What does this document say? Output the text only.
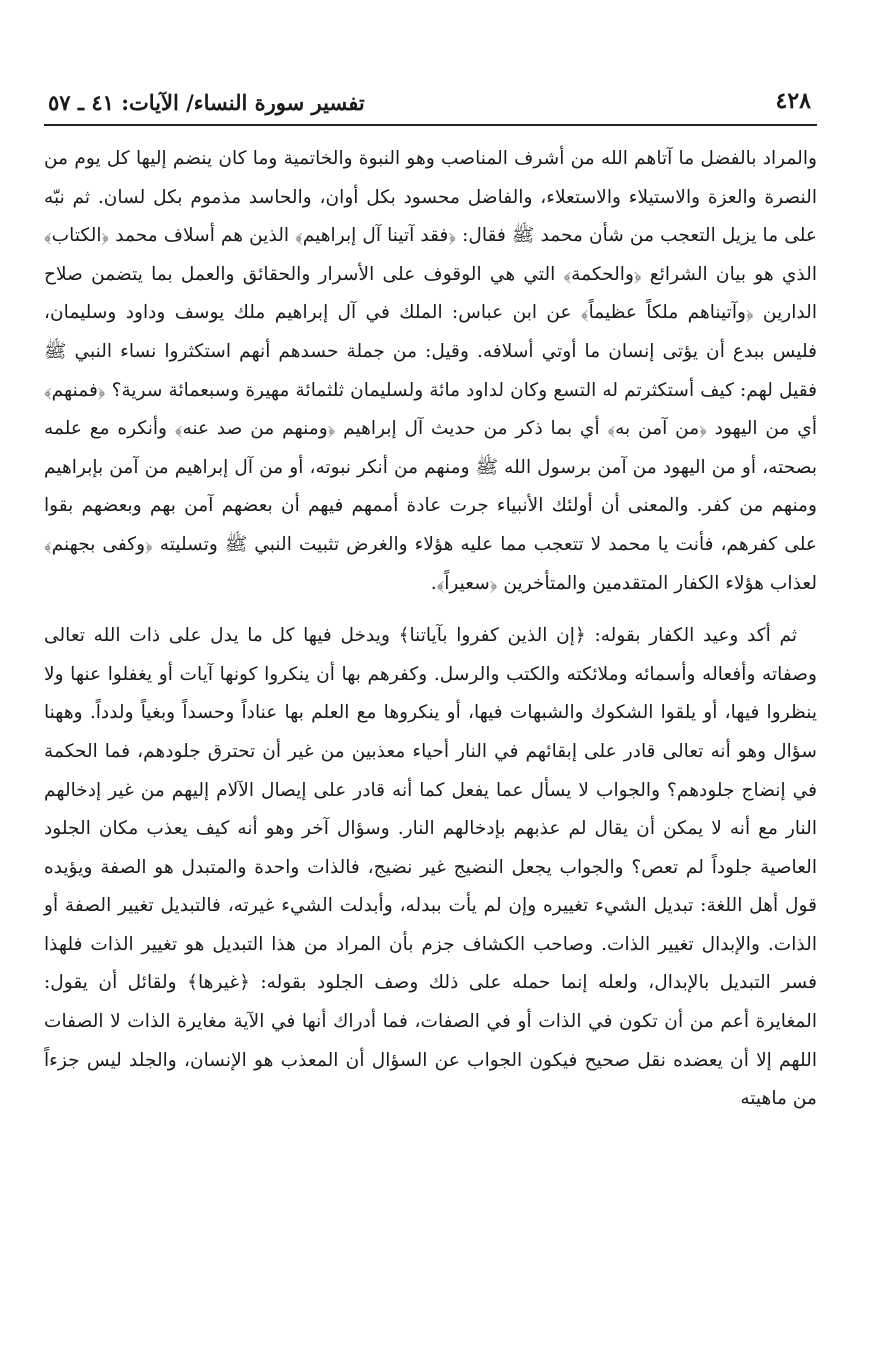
٤٢٨
تفسير سورة النساء/ الآيات: ٤١ ـ ٥٧

والمراد بالفضل ما آتاهم الله من أشرف المناصب وهو النبوة والخاتمية وما كان ينضم إليها كل يوم من النصرة والعزة والاستيلاء والاستعلاء، والفاضل محسود بكل أوان، والحاسد مذموم بكل لسان. ثم نبّه على ما يزيل التعجب من شأن محمد ﷺ فقال: ﴿فقد آتينا آل إبراهيم﴾ الذين هم أسلاف محمد ﴿الكتاب﴾ الذي هو بيان الشرائع ﴿والحكمة﴾ التي هي الوقوف على الأسرار والحقائق والعمل بما يتضمن صلاح الدارين ﴿وآتيناهم ملكاً عظيماً﴾ عن ابن عباس: الملك في آل إبراهيم ملك يوسف وداود وسليمان، فليس ببدع أن يؤتى إنسان ما أوتي أسلافه. وقيل: من جملة حسدهم أنهم استكثروا نساء النبي ﷺ فقيل لهم: كيف أستكثرتم له التسع وكان لداود مائة ولسليمان ثلثمائة مهيرة وسبعمائة سرية؟ ﴿فمنهم﴾ أي من اليهود ﴿من آمن به﴾ أي بما ذكر من حديث آل إبراهيم ﴿ومنهم من صد عنه﴾ وأنكره مع علمه بصحته، أو من اليهود من آمن برسول الله ﷺ ومنهم من أنكر نبوته، أو من آل إبراهيم من آمن بإبراهيم ومنهم من كفر. والمعنى أن أولئك الأنبياء جرت عادة أممهم فيهم أن بعضهم آمن بهم وبعضهم بقوا على كفرهم، فأنت يا محمد لا تتعجب مما عليه هؤلاء والغرض تثبيت النبي ﷺ وتسليته ﴿وكفى بجهنم﴾ لعذاب هؤلاء الكفار المتقدمين والمتأخرين ﴿سعيراً﴾.

ثم أكد وعيد الكفار بقوله: ﴿إن الذين كفروا بآياتنا﴾ ويدخل فيها كل ما يدل على ذات الله تعالى وصفاته وأفعاله وأسمائه وملائكته والكتب والرسل. وكفرهم بها أن ينكروا كونها آيات أو يغفلوا عنها ولا ينظروا فيها، أو يلقوا الشكوك والشبهات فيها، أو ينكروها مع العلم بها عناداً وحسداً وبغياً ولدداً. وههنا سؤال وهو أنه تعالى قادر على إبقائهم في النار أحياء معذبين من غير أن تحترق جلودهم، فما الحكمة في إنضاج جلودهم؟ والجواب لا يسأل عما يفعل كما أنه قادر على إيصال الآلام إليهم من غير إدخالهم النار مع أنه لا يمكن أن يقال لم عذبهم بإدخالهم النار. وسؤال آخر وهو أنه كيف يعذب مكان الجلود العاصية جلوداً لم تعص؟ والجواب يجعل النضيج غير نضيج، فالذات واحدة والمتبدل هو الصفة ويؤيده قول أهل اللغة: تبديل الشيء تغييره وإن لم يأت ببدله، وأبدلت الشيء غيرته، فالتبديل تغيير الصفة أو الذات. والإبدال تغيير الذات. وصاحب الكشاف جزم بأن المراد من هذا التبديل هو تغيير الذات فلهذا فسر التبديل بالإبدال، ولعله إنما حمله على ذلك وصف الجلود بقوله: ﴿غيرها﴾ ولقائل أن يقول: المغايرة أعم من أن تكون في الذات أو في الصفات، فما أدراك أنها في الآية مغايرة الذات لا الصفات اللهم إلا أن يعضده نقل صحيح فيكون الجواب عن السؤال أن المعذب هو الإنسان، والجلد ليس جزءاً من ماهيته
